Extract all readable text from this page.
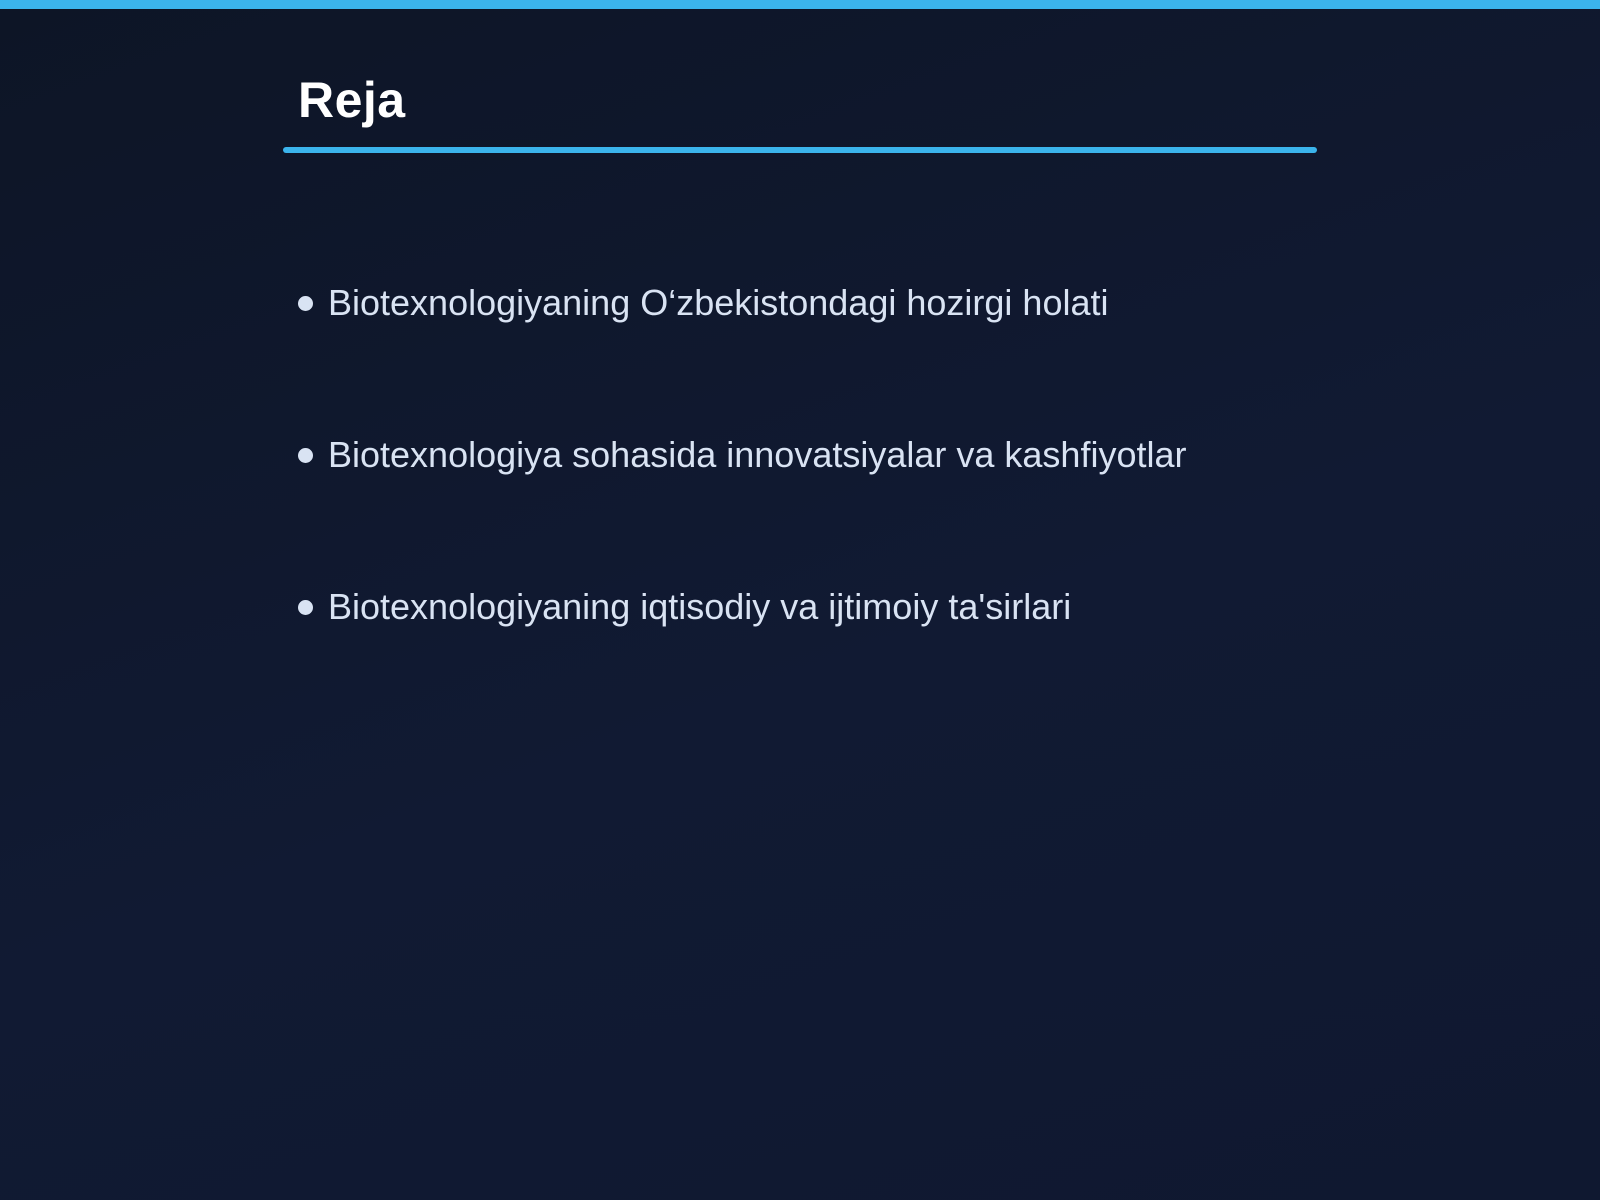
Reja
Biotexnologiyaning O‘zbekistondagi hozirgi holati
Biotexnologiya sohasida innovatsiyalar va kashfiyotlar
Biotexnologiyaning iqtisodiy va ijtimoiy ta'sirlari
